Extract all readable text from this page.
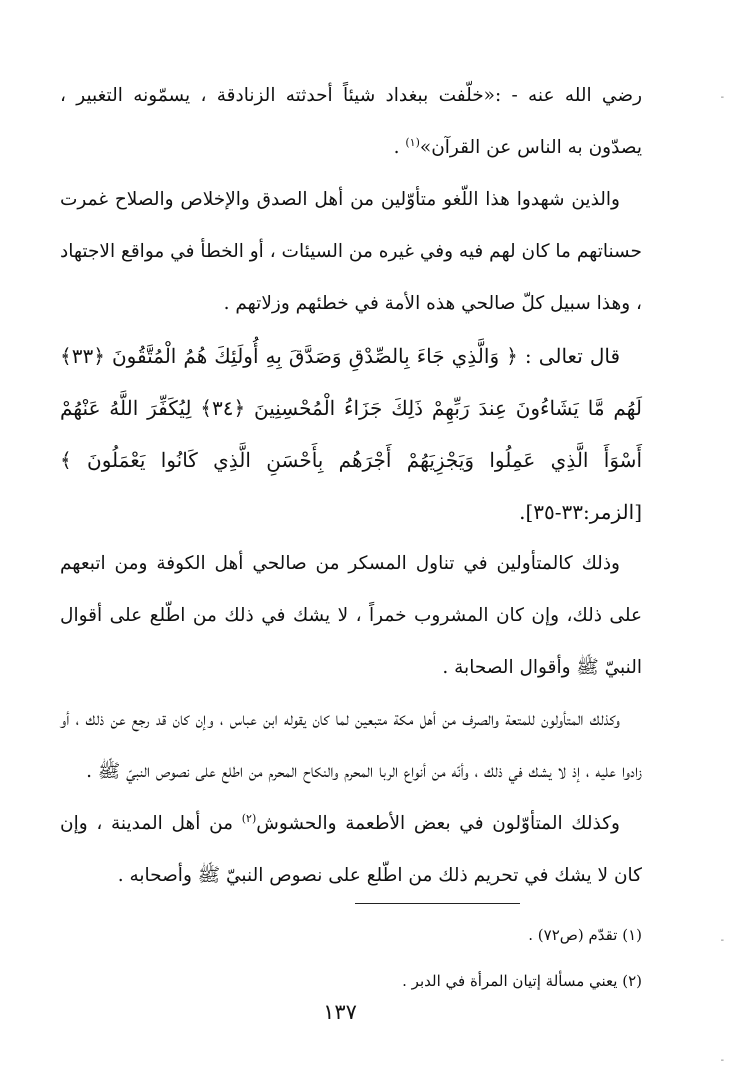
رضي الله عنه - :«خلّفت ببغداد شيئاً أحدثته الزنادقة ، يسمّونه التغبير ، يصدّون به الناس عن القرآن»$^{(١)}$ .

والذين شهدوا هذا اللّغو متأوّلين من أهل الصدق والإخلاص والصلاح غمرت حسناتهم ما كان لهم فيه وفي غيره من السيئات ، أو الخطأ في مواقع الاجتهاد ، وهذا سبيل كلّ صالحي هذه الأمة في خطئهم وزلاتهم .

قال تعالى : ﴿ وَالَّذِي جَاءَ بِالصِّدْقِ وَصَدَّقَ بِهِ أُولَئِكَ هُمُ الْمُتَّقُونَ ﴿٣٣﴾ لَهُم مَّا يَشَاءُونَ عِندَ رَبِّهِمْ ذَلِكَ جَزَاءُ الْمُحْسِنِينَ ﴿٣٤﴾ لِيُكَفِّرَ اللَّهُ عَنْهُمْ أَسْوَأَ الَّذِي عَمِلُوا وَيَجْزِيَهُمْ أَجْرَهُم بِأَحْسَنِ الَّذِي كَانُوا يَعْمَلُونَ ﴾[الزمر:٣٣-٣٥].

وذلك كالمتأولين في تناول المسكر من صالحي أهل الكوفة ومن اتبعهم على ذلك، وإن كان المشروب خمراً ، لا يشك في ذلك من اطّلع على أقوال النبيّ ﷺ وأقوال الصحابة .

وكذلك المتأولون للمتعة والصرف من أهل مكة متبعين لما كان يقوله ابن عباس ، وإن كان قد رجع عن ذلك ، أو زادوا عليه ، إذ لا يشك في ذلك ، وأنّه من أنواع الربا المحرم والنكاح المحرم من اطلع على نصوص النبيّ ﷺ .

وكذلك المتأوّلون في بعض الأطعمة والحشوش$^{(٢)}$ من أهل المدينة ، وإن كان لا يشك في تحريم ذلك من اطّلع على نصوص النبيّ ﷺ وأصحابه .

(١) تقدّم (ص٧٢) .
(٢) يعني مسألة إتيان المرأة في الدبر .
١٣٧
-
-
-
